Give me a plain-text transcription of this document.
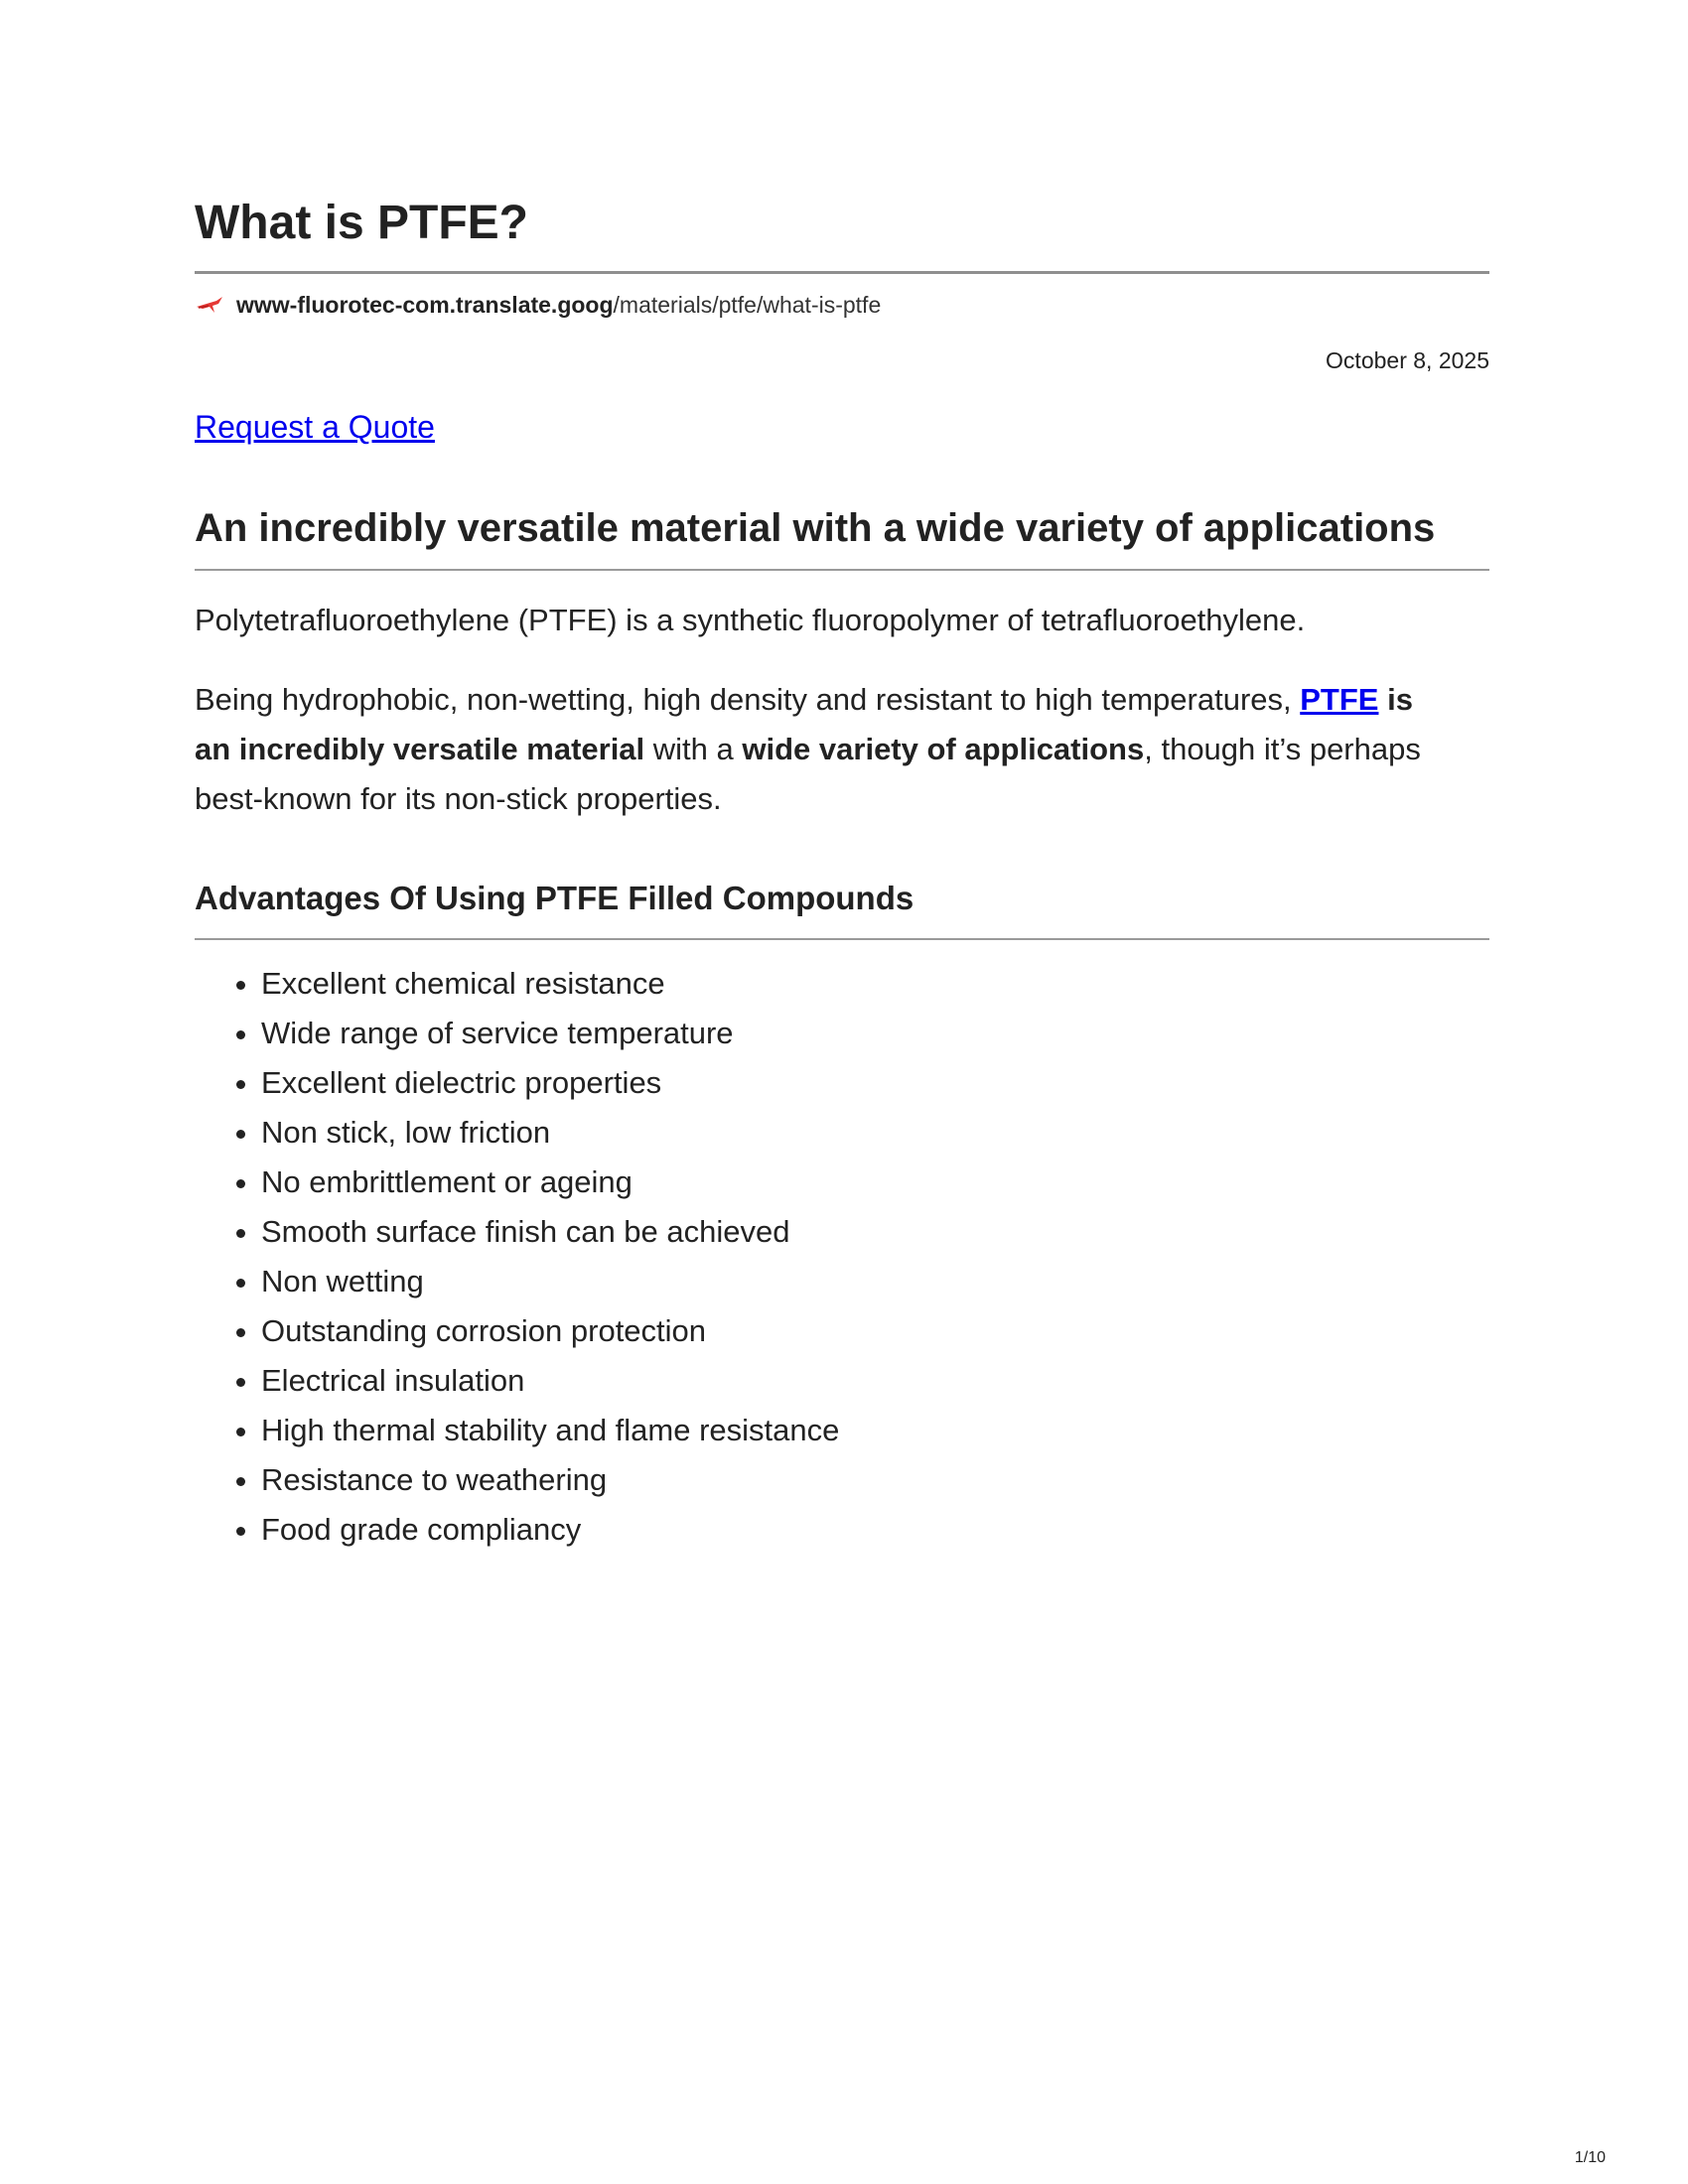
What is PTFE?
www-fluorotec-com.translate.goog /materials/ptfe/what-is-ptfe
October 8, 2025
Request a Quote
An incredibly versatile material with a wide variety of applications

Polytetrafluoroethylene (PTFE) is a synthetic fluoropolymer of tetrafluoroethylene.

Being hydrophobic, non-wetting, high density and resistant to high temperatures, PTFE is an incredibly versatile material with a wide variety of applications, though it’s perhaps best-known for its non-stick properties.

Advantages Of Using PTFE Filled Compounds
• Excellent chemical resistance
• Wide range of service temperature
• Excellent dielectric properties
• Non stick, low friction
• No embrittlement or ageing
• Smooth surface finish can be achieved
• Non wetting
• Outstanding corrosion protection
• Electrical insulation
• High thermal stability and flame resistance
• Resistance to weathering
• Food grade compliancy
1/10
